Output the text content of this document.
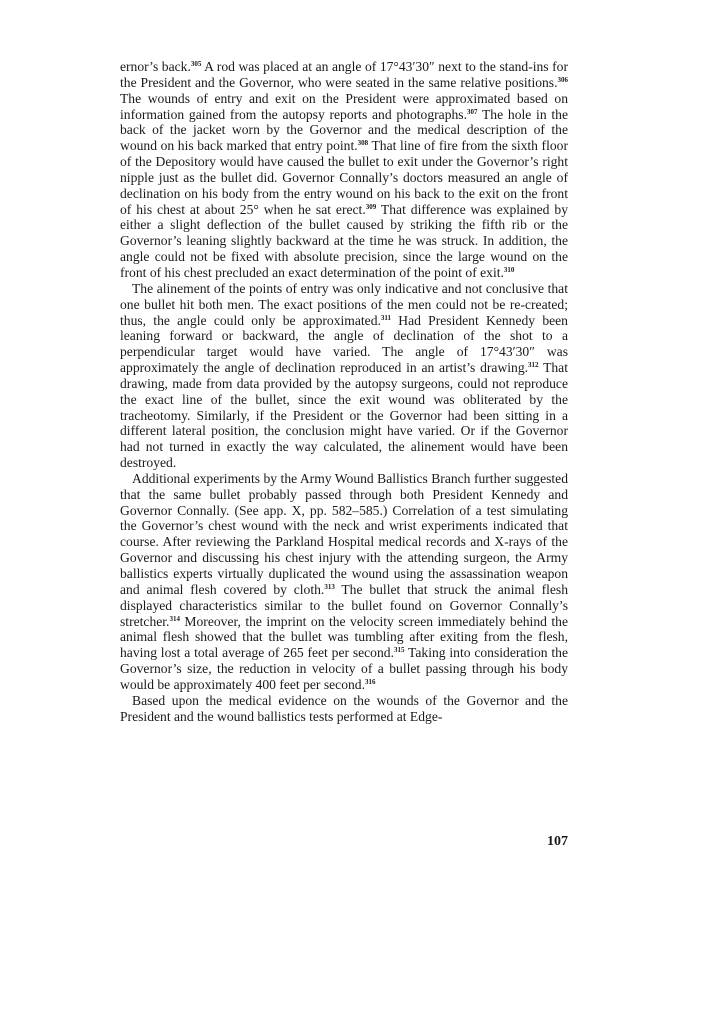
ernor’s back.$^{305}$ A rod was placed at an angle of 17°43′30″ next to the stand-ins for the President and the Governor, who were seated in the same relative positions.$^{306}$ The wounds of entry and exit on the President were approximated based on information gained from the autopsy reports and photographs.$^{307}$ The hole in the back of the jacket worn by the Governor and the medical description of the wound on his back marked that entry point.$^{308}$ That line of fire from the sixth floor of the Depository would have caused the bullet to exit under the Governor’s right nipple just as the bullet did. Governor Connally’s doctors measured an angle of declination on his body from the entry wound on his back to the exit on the front of his chest at about 25° when he sat erect.$^{309}$ That difference was explained by either a slight deflection of the bullet caused by striking the fifth rib or the Governor’s leaning slightly backward at the time he was struck. In addition, the angle could not be fixed with absolute precision, since the large wound on the front of his chest precluded an exact determination of the point of exit.$^{310}$

The alinement of the points of entry was only indicative and not conclusive that one bullet hit both men. The exact positions of the men could not be re-created; thus, the angle could only be approximated.$^{311}$ Had President Kennedy been leaning forward or backward, the angle of declination of the shot to a perpendicular target would have varied. The angle of 17°43′30″ was approximately the angle of declination reproduced in an artist’s drawing.$^{312}$ That drawing, made from data provided by the autopsy surgeons, could not reproduce the exact line of the bullet, since the exit wound was obliterated by the tracheotomy. Similarly, if the President or the Governor had been sitting in a different lateral position, the conclusion might have varied. Or if the Governor had not turned in exactly the way calculated, the alinement would have been destroyed.

Additional experiments by the Army Wound Ballistics Branch further suggested that the same bullet probably passed through both President Kennedy and Governor Connally. (See app. X, pp. 582–585.) Correlation of a test simulating the Governor’s chest wound with the neck and wrist experiments indicated that course. After reviewing the Parkland Hospital medical records and X-rays of the Governor and discussing his chest injury with the attending surgeon, the Army ballistics experts virtually duplicated the wound using the assassination weapon and animal flesh covered by cloth.$^{313}$ The bullet that struck the animal flesh displayed characteristics similar to the bullet found on Governor Connally’s stretcher.$^{314}$ Moreover, the imprint on the velocity screen immediately behind the animal flesh showed that the bullet was tumbling after exiting from the flesh, having lost a total average of 265 feet per second.$^{315}$ Taking into consideration the Governor’s size, the reduction in velocity of a bullet passing through his body would be approximately 400 feet per second.$^{316}$

Based upon the medical evidence on the wounds of the Governor and the President and the wound ballistics tests performed at Edge-

107
